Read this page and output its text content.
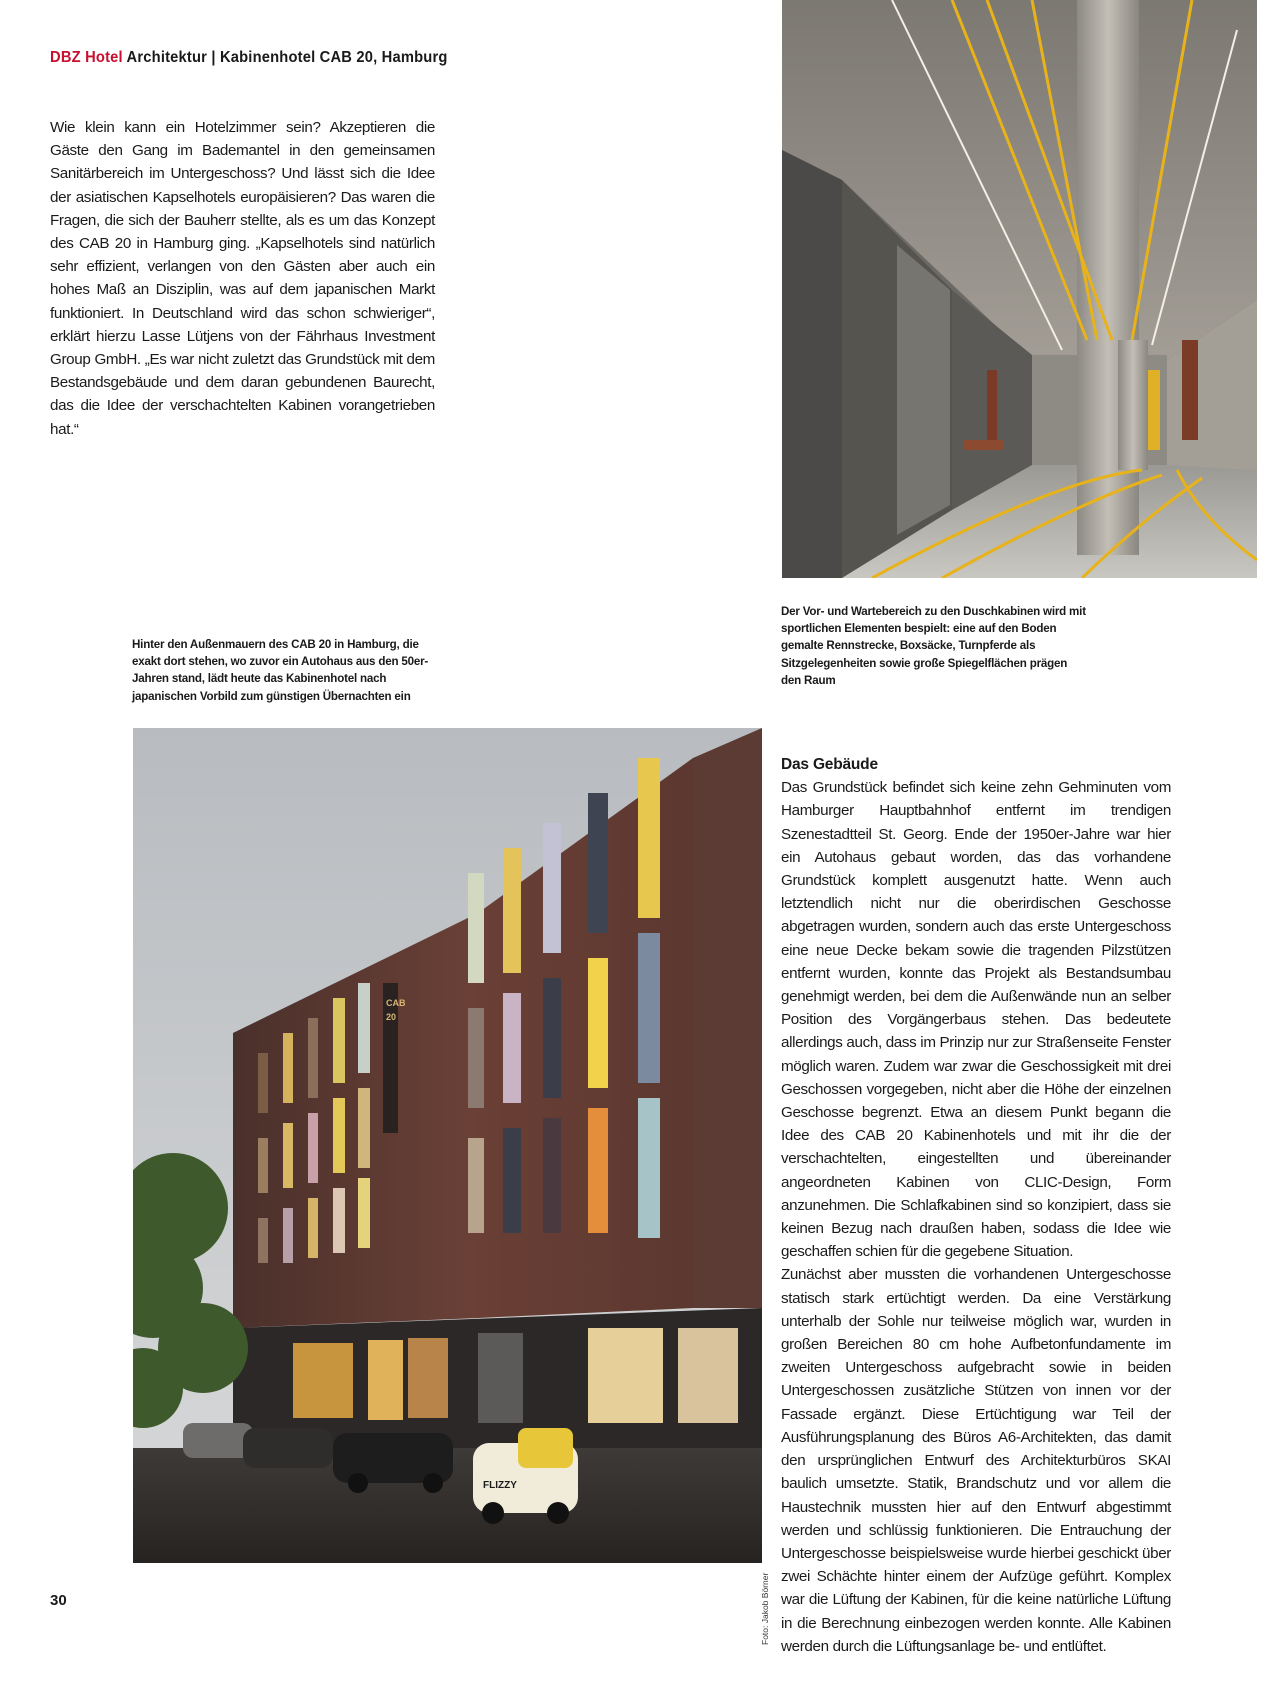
DBZ Hotel Architektur | Kabinenhotel CAB 20, Hamburg
Wie klein kann ein Hotelzimmer sein? Akzeptieren die Gäste den Gang im Bademantel in den gemeinsamen Sanitärbereich im Untergeschoss? Und lässt sich die Idee der asiatischen Kapselhotels europäisieren? Das waren die Fragen, die sich der Bauherr stellte, als es um das Konzept des CAB 20 in Hamburg ging. „Kapselhotels sind natürlich sehr effizient, verlangen von den Gästen aber auch ein hohes Maß an Disziplin, was auf dem japanischen Markt funktioniert. In Deutschland wird das schon schwieriger“, erklärt hierzu Lasse Lütjens von der Fährhaus Investment Group GmbH. „Es war nicht zuletzt das Grundstück mit dem Bestandsgebäude und dem daran gebundenen Baurecht, das die Idee der verschachtelten Kabinen vorangetrieben hat.“
Der Vor- und Wartebereich zu den Duschkabinen wird mit sportlichen Elementen bespielt: eine auf den Boden gemalte Rennstrecke, Boxsäcke, Turnpferde als Sitzgelegenheiten sowie große Spiegelflächen prägen den Raum
Hinter den Außenmauern des CAB 20 in Hamburg, die exakt dort stehen, wo zuvor ein Autohaus aus den 50er-Jahren stand, lädt heute das Kabinenhotel nach japanischen Vorbild zum günstigen Übernachten ein
CAB
20
FLIZZY
Foto: Jakob Börner

Das Gebäude

Das Grundstück befindet sich keine zehn Gehminuten vom Hamburger Hauptbahnhof entfernt im trendigen Szenestadtteil St. Georg. Ende der 1950er-Jahre war hier ein Autohaus gebaut worden, das das vorhandene Grundstück komplett ausgenutzt hatte. Wenn auch letztendlich nicht nur die oberirdischen Geschosse abgetragen wurden, sondern auch das erste Untergeschoss eine neue Decke bekam sowie die tragenden Pilzstützen entfernt wurden, konnte das Projekt als Bestandsumbau genehmigt werden, bei dem die Außenwände nun an selber Position des Vorgängerbaus stehen. Das bedeutete allerdings auch, dass im Prinzip nur zur Straßenseite Fenster möglich waren. Zudem war zwar die Geschossigkeit mit drei Geschossen vorgegeben, nicht aber die Höhe der einzelnen Geschosse begrenzt. Etwa an diesem Punkt begann die Idee des CAB 20 Kabinenhotels und mit ihr die der verschachtelten, eingestellten und übereinander angeordneten Kabinen von CLIC-Design, Form anzunehmen. Die Schlafkabinen sind so konzipiert, dass sie keinen Bezug nach draußen haben, sodass die Idee wie geschaffen schien für die gegebene Situation.

Zunächst aber mussten die vorhandenen Untergeschosse statisch stark ertüchtigt werden. Da eine Verstärkung unterhalb der Sohle nur teilweise möglich war, wurden in großen Bereichen 80 cm hohe Aufbetonfundamente im zweiten Untergeschoss aufgebracht sowie in beiden Untergeschossen zusätzliche Stützen von innen vor der Fassade ergänzt. Diese Ertüchtigung war Teil der Ausführungsplanung des Büros A6-Architekten, das damit den ursprünglichen Entwurf des Architekturbüros SKAI baulich umsetzte. Statik, Brandschutz und vor allem die Haustechnik mussten hier auf den Entwurf abgestimmt werden und schlüssig funktionieren. Die Entrauchung der Untergeschosse beispielsweise wurde hierbei geschickt über zwei Schächte hinter einem der Aufzüge geführt. Komplex war die Lüftung der Kabinen, für die keine natürliche Lüftung in die Berechnung einbezogen werden konnte. Alle Kabinen werden durch die Lüftungsanlage be- und entlüftet.

30
